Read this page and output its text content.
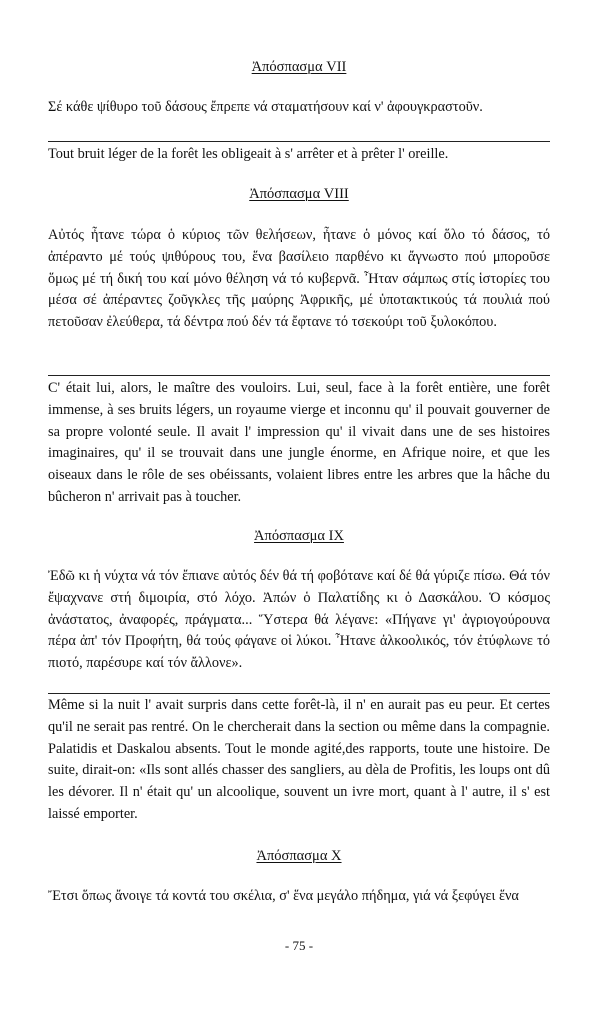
Ἀπόσπασμα VII

Σέ κάθε ψίθυρο τοῦ δάσους ἔπρεπε νά σταματήσουν καί ν' ἀφουγκραστοῦν.

Tout bruit léger de la forêt les obligeait à s' arrêter et à prêter l' oreille.

Ἀπόσπασμα VIII

Αὐτός ἦτανε τώρα ὁ κύριος τῶν θελήσεων, ἦτανε ὁ μόνος καί ὅλο τό δάσος, τό ἀπέραντο μέ τούς ψιθύρους του, ἕνα βασίλειο παρθένο κι ἄγνωστο πού μποροῦσε ὅμως μέ τή δική του καί μόνο θέληση νά τό κυβερνᾶ. Ἦταν σάμπως στίς ἱστορίες του μέσα σέ ἀπέραντες ζοῦγκλες τῆς μαύρης Ἀφρικῆς, μέ ὑποτακτικούς τά πουλιά πού πετοῦσαν ἐλεύθερα, τά δέντρα πού δέν τά ἔφτανε τό τσεκούρι τοῦ ξυλοκόπου.

C' était lui, alors, le maître des vouloirs. Lui, seul, face à la forêt entière, une forêt immense, à ses bruits légers, un royaume vierge et inconnu qu' il pouvait gouverner de sa propre volonté seule. Il avait l' impression qu' il vivait dans une de ses histoires imaginaires, qu' il se trouvait dans une jungle énorme, en Afrique noire, et que les oiseaux dans le rôle de ses obéissants, volaient libres entre les arbres que la hâche du bûcheron n' arrivait pas à toucher.

Ἀπόσπασμα IX

Ἐδῶ κι ἡ νύχτα νά τόν ἔπιανε αὐτός δέν θά τή φοβότανε καί δέ θά γύριζε πίσω. Θά τόν ἔψαχνανε στή διμοιρία, στό λόχο. Ἀπών ὁ Παλατίδης κι ὁ Δασκάλου. Ὁ κόσμος ἀνάστατος, ἀναφορές, πράγματα... Ὕστερα θά λέγανε: «Πήγανε γι' ἀγριογούρουνα πέρα ἀπ' τόν Προφήτη, θά τούς φάγανε οἱ λύκοι. Ἦτανε ἀλκοολικός, τόν ἐτύφλωνε τό πιοτό, παρέσυρε καί τόν ἄλλονε».

Même si la nuit l' avait surpris dans cette forêt-là, il n' en aurait pas eu peur. Et certes qu'il ne serait pas rentré. On le chercherait dans la section ou même dans la compagnie. Palatidis et Daskalou absents. Tout le monde agité,des rapports, toute une histoire. De suite, dirait-on: «Ils sont allés chasser des sangliers, au dèla de Profitis, les loups ont dû les dévorer. Il n' était qu' un alcoolique, souvent un ivre mort, quant à l' autre, il s' est laissé emporter.

Ἀπόσπασμα X

Ἔτσι ὅπως ἄνοιγε τά κοντά του σκέλια, σ' ἕνα μεγάλο πήδημα, γιά νά ξεφύγει ἕνα

- 75 -
